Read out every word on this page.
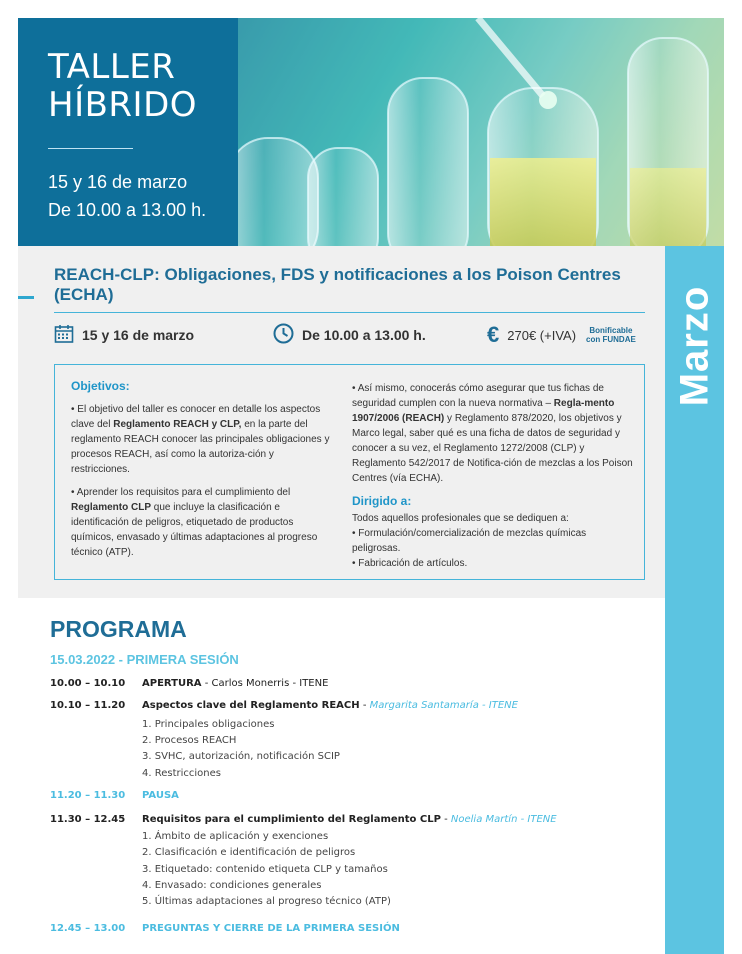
TALLER
HÍBRIDO
15 y 16 de marzo
De 10.00 a 13.00 h.
Marzo
REACH-CLP: Obligaciones, FDS y notificaciones a los Poison Centres (ECHA)
15 y 16 de marzo	De 10.00 a 13.00 h.	€ 270€ (+IVA)	Bonificable
con FUNDAE
Objetivos:

• El objetivo del taller es conocer en detalle los aspectos clave del Reglamento REACH y CLP, en la parte del reglamento REACH conocer las principales obligaciones y procesos REACH, así como la autoriza-ción y restricciones.

• Aprender los requisitos para el cumplimiento del Reglamento CLP que incluye la clasificación e identificación de peligros, etiquetado de productos químicos, envasado y últimas adaptaciones al progreso técnico (ATP).

• Así mismo, conocerás cómo asegurar que tus fichas de seguridad cumplen con la nueva normativa – Regla-mento 1907/2006 (REACH) y Reglamento 878/2020, los objetivos y Marco legal, saber qué es una ficha de datos de seguridad y conocer a su vez, el Reglamento 1272/2008 (CLP) y Reglamento 542/2017 de Notifica-ción de mezclas a los Poison Centres (vía ECHA).

Dirigido a:
Todos aquellos profesionales que se dediquen a:
• Formulación/comercialización de mezclas químicas peligrosas.
• Fabricación de artículos.
PROGRAMA
15.03.2022 - PRIMERA SESIÓN
10.00 – 10.10	APERTURA - Carlos Monerris - ITENE
10.10 – 11.20	Aspectos clave del Reglamento REACH - Margarita Santamaría - ITENE
1. Principales obligaciones
2. Procesos REACH
3. SVHC, autorización, notificación SCIP
4. Restricciones
11.20 – 11.30	PAUSA
11.30 – 12.45	Requisitos para el cumplimiento del Reglamento CLP - Noelia Martín - ITENE
1. Ámbito de aplicación y exenciones
2. Clasificación e identificación de peligros
3. Etiquetado: contenido etiqueta CLP y tamaños
4. Envasado: condiciones generales
5. Últimas adaptaciones al progreso técnico (ATP)
12.45 – 13.00	PREGUNTAS Y CIERRE DE LA PRIMERA SESIÓN
